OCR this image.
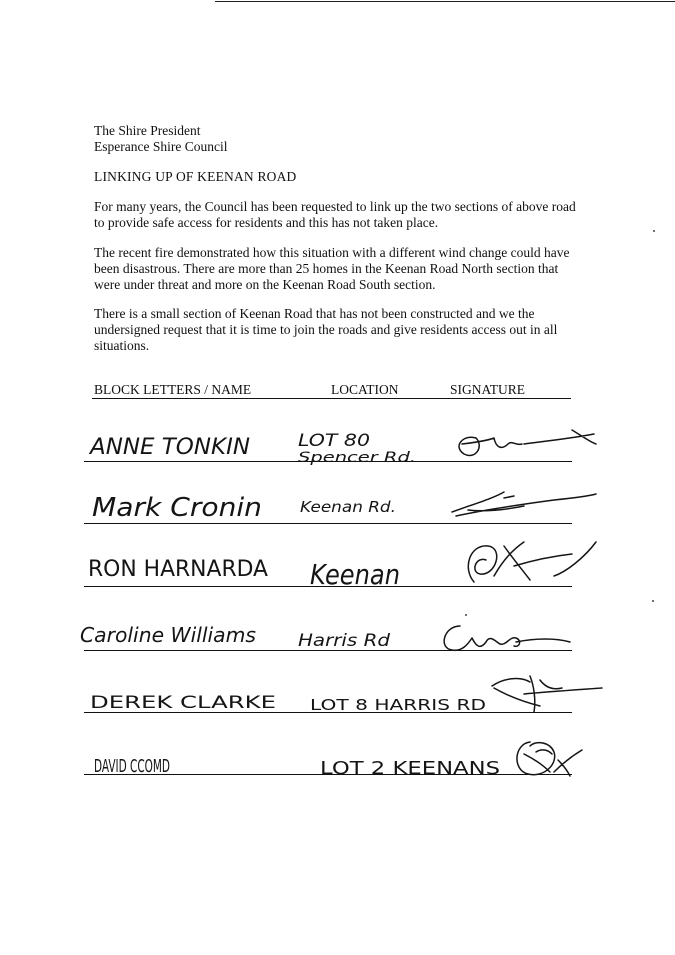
The Shire President
Esperance Shire Council
LINKING UP OF KEENAN ROAD

For many years, the Council has been requested to link up the two sections of above road to provide safe access for residents and this has not taken place.

The recent fire demonstrated how this situation with a different wind change could have been disastrous. There are more than 25 homes in the Keenan Road North section that were under threat and more on the Keenan Road South section.

There is a small section of Keenan Road that has not been constructed and we the undersigned request that it is time to join the roads and give residents access out in all situations.

BLOCK LETTERS / NAME	LOCATION	SIGNATURE
ANNE TONKIN	LOT 80
Spencer Rd.
Mark Cronin	Keenan Rd.
RON HARNARDA Keenan
Caroline Williams Harris Rd
DEREK CLARKE LOT 8 HARRIS RD
DAVID CCOMD	LOT 2 KEENANS
